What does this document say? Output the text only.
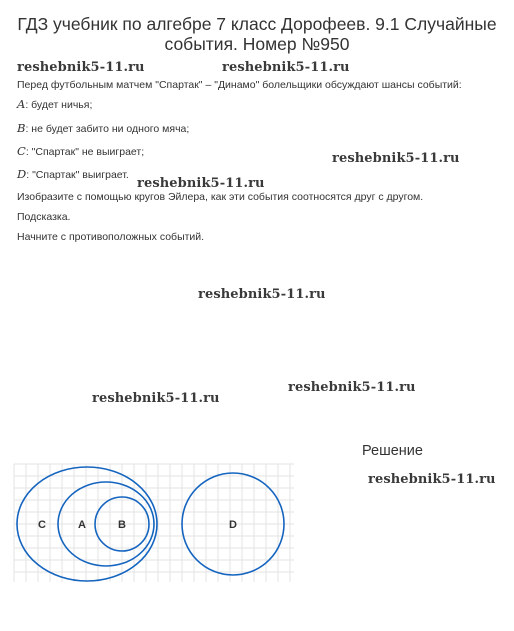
ГДЗ учебник по алгебре 7 класс Дорофеев. 9.1 Случайные
события. Номер №950
Перед футбольным матчем "Спартак" – "Динамо" болельщики обсуждают шансы событий:
A: будет ничья;
B: не будет забито ни одного мяча;
C: "Спартак" не выиграет;
D: "Спартак" выиграет.
Изобразите с помощью кругов Эйлера, как эти события соотносятся друг с другом.
Подсказка.
Начните с противоположных событий.
reshebnik5-11.ru	reshebnik5-11.ru
reshebnik5-11.ru
reshebnik5-11.ru
reshebnik5-11.ru
reshebnik5-11.ru
reshebnik5-11.ru
reshebnik5-11.ru
Решение
C	A	B	D
